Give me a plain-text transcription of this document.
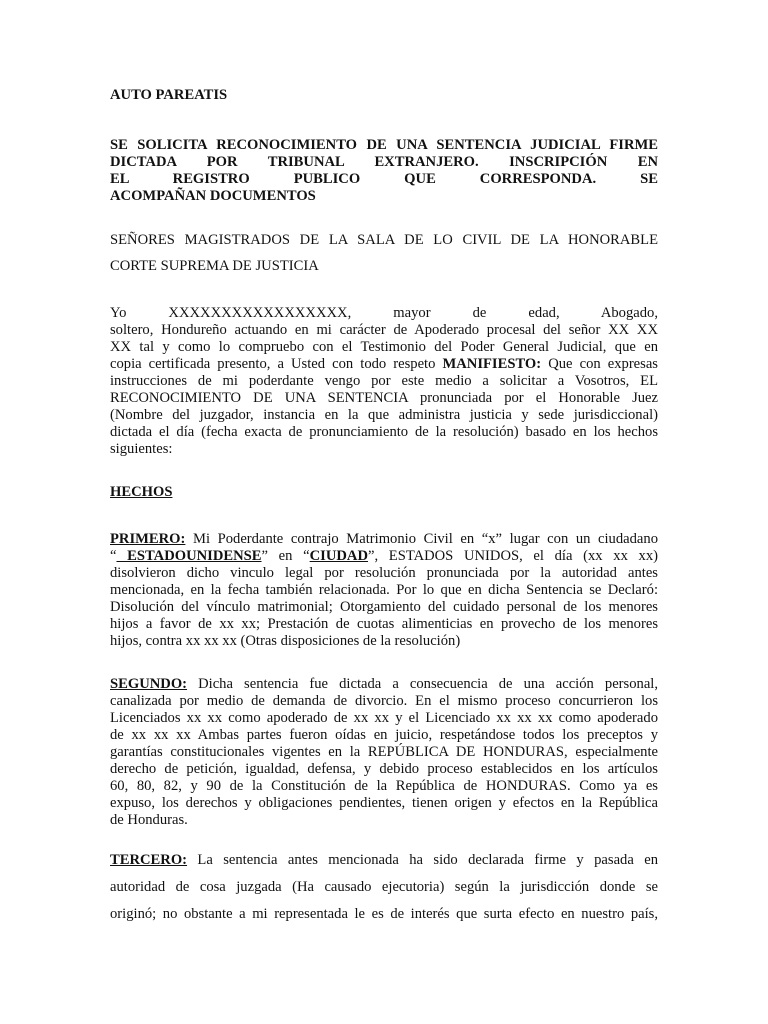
AUTO PAREATIS
SE SOLICITA RECONOCIMIENTO DE UNA SENTENCIA JUDICIAL FIRME
DICTADA POR TRIBUNAL EXTRANJERO. INSCRIPCIÓN EN
EL REGISTRO PUBLICO QUE CORRESPONDA. SE
ACOMPAÑAN DOCUMENTOS
SEÑORES MAGISTRADOS DE LA SALA DE LO CIVIL DE LA HONORABLE
CORTE SUPREMA DE JUSTICIA
Yo XXXXXXXXXXXXXXXXX, mayor de edad, Abogado,
soltero, Hondureño actuando en mi carácter de Apoderado procesal del señor XX XX
XX tal y como lo compruebo con el Testimonio del Poder General Judicial, que en
copia certificada presento, a Usted con todo respeto MANIFIESTO: Que con expresas
instrucciones de mi poderdante vengo por este medio a solicitar a Vosotros, EL
RECONOCIMIENTO DE UNA SENTENCIA pronunciada por el Honorable Juez
(Nombre del juzgador, instancia en la que administra justicia y sede jurisdiccional)
dictada el día (fecha exacta de pronunciamiento de la resolución) basado en los hechos
siguientes:
HECHOS
PRIMERO: Mi Poderdante contrajo Matrimonio Civil en “x” lugar con un ciudadano
“ ESTADOUNIDENSE” en “CIUDAD”, ESTADOS UNIDOS, el día (xx xx xx)
disolvieron dicho vinculo legal por resolución pronunciada por la autoridad antes
mencionada, en la fecha también relacionada. Por lo que en dicha Sentencia se Declaró:
Disolución del vínculo matrimonial; Otorgamiento del cuidado personal de los menores
hijos a favor de xx xx; Prestación de cuotas alimenticias en provecho de los menores
hijos, contra xx xx xx (Otras disposiciones de la resolución)
SEGUNDO: Dicha sentencia fue dictada a consecuencia de una acción personal,
canalizada por medio de demanda de divorcio. En el mismo proceso concurrieron los
Licenciados xx xx como apoderado de xx xx y el Licenciado xx xx xx como apoderado
de xx xx xx Ambas partes fueron oídas en juicio, respetándose todos los preceptos y
garantías constitucionales vigentes en la REPÚBLICA DE HONDURAS, especialmente
derecho de petición, igualdad, defensa, y debido proceso establecidos en los artículos
60, 80, 82, y 90 de la Constitución de la República de HONDURAS. Como ya es
expuso, los derechos y obligaciones pendientes, tienen origen y efectos en la República
de Honduras.
TERCERO: La sentencia antes mencionada ha sido declarada firme y pasada en
autoridad de cosa juzgada (Ha causado ejecutoria) según la jurisdicción donde se
originó; no obstante a mi representada le es de interés que surta efecto en nuestro país,
